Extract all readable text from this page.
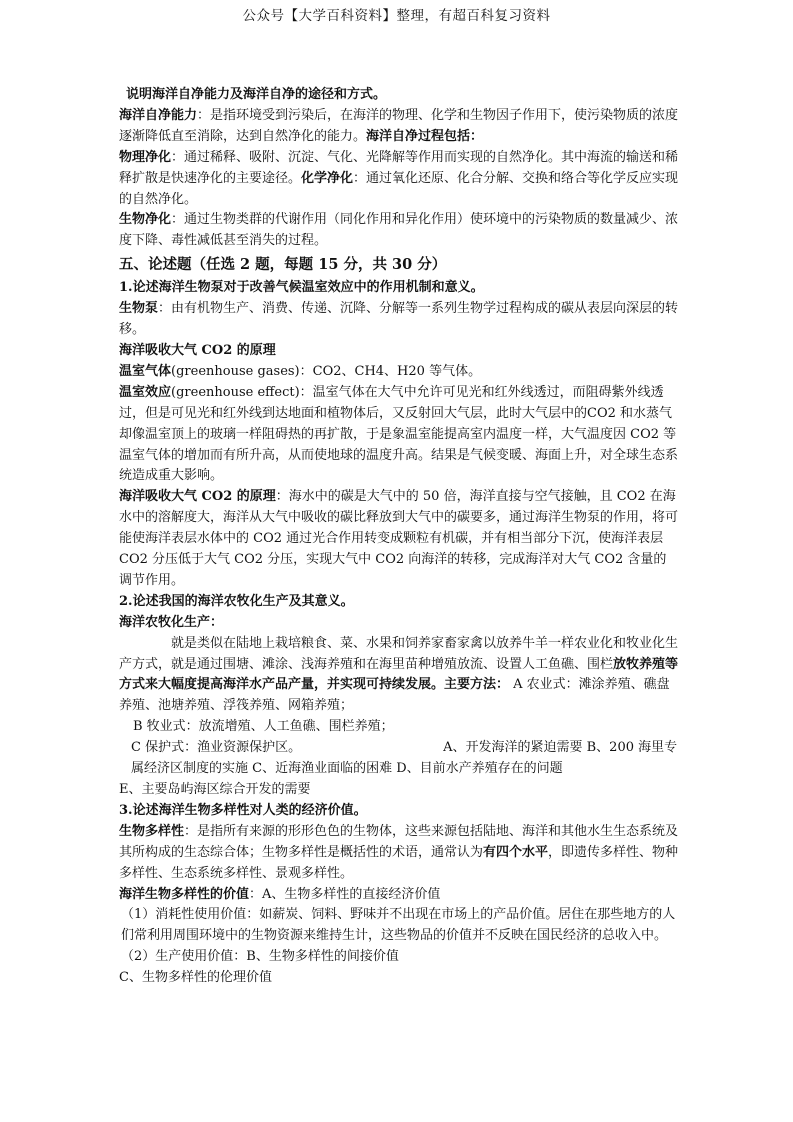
公众号【大学百科资料】整理，有超百科复习资料

说明海洋自净能力及海洋自净的途径和方式。

海洋自净能力：是指环境受到污染后，在海洋的物理、化学和生物因子作用下，使污染物质的浓度逐渐降低直至消除，达到自然净化的能力。海洋自净过程包括：

物理净化：通过稀释、吸附、沉淀、气化、光降解等作用而实现的自然净化。其中海流的输送和稀释扩散是快速净化的主要途径。化学净化：通过氧化还原、化合分解、交换和络合等化学反应实现的自然净化。

生物净化：通过生物类群的代谢作用（同化作用和异化作用）使环境中的污染物质的数量减少、浓度下降、毒性减低甚至消失的过程。

五、论述题（任选 2 题，每题 15 分，共 30 分）

1.论述海洋生物泵对于改善气候温室效应中的作用机制和意义。

生物泵：由有机物生产、消费、传递、沉降、分解等一系列生物学过程构成的碳从表层向深层的转移。

海洋吸收大气 CO2 的原理

温室气体(greenhouse gases)：CO2、CH4、H20 等气体。

温室效应(greenhouse effect)：温室气体在大气中允许可见光和红外线透过，而阻碍紫外线透过，但是可见光和红外线到达地面和植物体后，又反射回大气层，此时大气层中的CO2 和水蒸气却像温室顶上的玻璃一样阻碍热的再扩散，于是象温室能提高室内温度一样，大气温度因 CO2 等温室气体的增加而有所升高，从而使地球的温度升高。结果是气候变暖、海面上升，对全球生态系统造成重大影响。

海洋吸收大气 CO2 的原理：海水中的碳是大气中的 50 倍，海洋直接与空气接触，且 CO2 在海水中的溶解度大，海洋从大气中吸收的碳比释放到大气中的碳要多，通过海洋生物泵的作用，将可能使海洋表层水体中的 CO2 通过光合作用转变成颗粒有机碳，并有相当部分下沉，使海洋表层 CO2 分压低于大气 CO2 分压，实现大气中 CO2 向海洋的转移，完成海洋对大气 CO2 含量的调节作用。

2.论述我国的海洋农牧化生产及其意义。

海洋农牧化生产：

就是类似在陆地上栽培粮食、菜、水果和饲养家畜家禽以放养牛羊一样农业化和牧业化生产方式，就是通过围塘、滩涂、浅海养殖和在海里苗种增殖放流、设置人工鱼礁、围栏放牧养殖等方式来大幅度提高海洋水产品产量，并实现可持续发展。主要方法： A 农业式：滩涂养殖、礁盘养殖、池塘养殖、浮筏养殖、网箱养殖；

B 牧业式：放流增殖、人工鱼礁、围栏养殖；

C 保护式：渔业资源保护区。	A、开发海洋的紧迫需要 B、200 海里专属经济区制度的实施 C、近海渔业面临的困难 D、目前水产养殖存在的问题

E、主要岛屿海区综合开发的需要

3.论述海洋生物多样性对人类的经济价值。

生物多样性：是指所有来源的形形色色的生物体，这些来源包括陆地、海洋和其他水生生态系统及其所构成的生态综合体；生物多样性是概括性的术语，通常认为有四个水平，即遗传多样性、物种多样性、生态系统多样性、景观多样性。

海洋生物多样性的价值：A、生物多样性的直接经济价值

（1）消耗性使用价值：如薪炭、饲料、野味并不出现在市场上的产品价值。居住在那些地方的人们常利用周围环境中的生物资源来维持生计，这些物品的价值并不反映在国民经济的总收入中。

（2）生产使用价值：B、生物多样性的间接价值

C、生物多样性的伦理价值
